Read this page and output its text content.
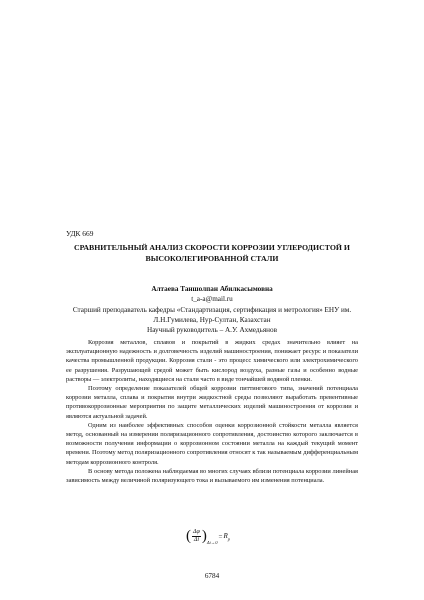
УДК 669
СРАВНИТЕЛЬНЫЙ АНАЛИЗ СКОРОСТИ КОРРОЗИИ УГЛЕРОДИСТОЙ И
ВЫСОКОЛЕГИРОВАННОЙ СТАЛИ
Алтаева Таншолпан Абилкасымовна
t_a-a@mail.ru
Старший преподаватель кафедры «Стандартизация, сертификация и метрология» ЕНУ им.
Л.Н.Гумилева, Нур-Султан, Казахстан
Научный руководитель – А.У. Ахмедьянов

Коррозия металлов, сплавов и покрытий в жидких средах значительно влияет на эксплуатационную надежность и долговечность изделий машиностроения, понижает ресурс и показатели качества промышленной продукции. Коррозия стали - это процесс химического или электрохимического ее разрушения. Разрушающей средой может быть кислород воздуха, разные газы и особенно водные растворы — электролиты, находящиеся на стали часто в виде тончайшей водяной пленки.

Поэтому определение показателей общей коррозии питтингового типа, значений потенциала коррозии металла, сплава и покрытия внутри жидкостной среды позволяют выработать превентивные противокоррозионные мероприятия по защите металлических изделий машиностроения от коррозии и являются актуальной задачей.

Одним из наиболее эффективных способов оценки коррозионной стойкости металла является метод, основанный на измерении поляризационного сопротивления, достоинство которого заключается в возможности получения информации о коррозионном состоянии металла на каждый текущий момент времени. Поэтому метод поляризационного сопротивления относят к так называемым дифференциальным методам коррозионного контроля.

В основу метода положена наблюдаемая во многих случаях вблизи потенциала коррозии линейная зависимость между величиной поляризующего тока и вызываемого им изменения потенциала.

( $\frac{\Delta\varphi}{\Delta i}$ ) Δi→0
= $R_p$
6784
